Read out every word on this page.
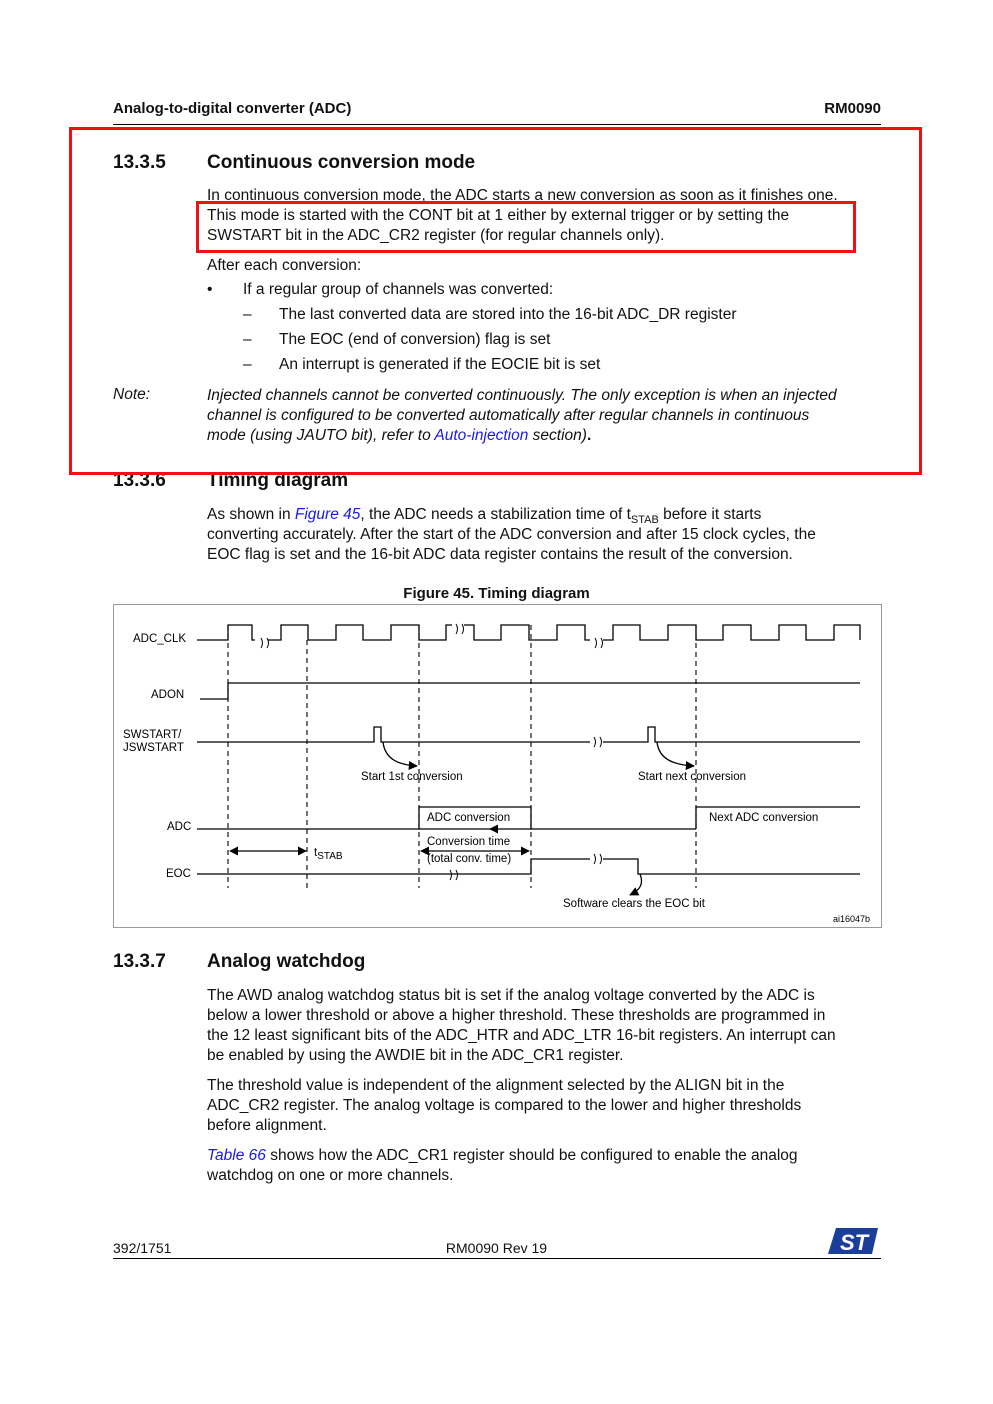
Analog-to-digital converter (ADC)	RM0090
13.3.5 Continuous conversion mode
In continuous conversion mode, the ADC starts a new conversion as soon as it finishes one.
This mode is started with the CONT bit at 1 either by external trigger or by setting the
SWSTART bit in the ADC_CR2 register (for regular channels only).
After each conversion:
• If a regular group of channels was converted:
– The last converted data are stored into the 16-bit ADC_DR register
– The EOC (end of conversion) flag is set
– An interrupt is generated if the EOCIE bit is set
Note:	Injected channels cannot be converted continuously. The only exception is when an injected
channel is configured to be converted automatically after regular channels in continuous
mode (using JAUTO bit), refer to Auto-injection section).
13.3.6 Timing diagram
As shown in Figure 45, the ADC needs a stabilization time of $t_{STAB}$ before it starts
converting accurately. After the start of the ADC conversion and after 15 clock cycles, the
EOC flag is set and the 16-bit ADC data register contains the result of the conversion.
Figure 45. Timing diagram
ADC_CLK
ADON
SWSTART/
JSWSTART
ADC
EOC
Start 1st conversion	Start next conversion
ADC conversion	Next ADC conversion
Conversion time
(total conv. time)
tSTAB
Software clears the EOC bit
ai16047b
13.3.7 Analog watchdog
The AWD analog watchdog status bit is set if the analog voltage converted by the ADC is
below a lower threshold or above a higher threshold. These thresholds are programmed in
the 12 least significant bits of the ADC_HTR and ADC_LTR 16-bit registers. An interrupt can
be enabled by using the AWDIE bit in the ADC_CR1 register.
The threshold value is independent of the alignment selected by the ALIGN bit in the
ADC_CR2 register. The analog voltage is compared to the lower and higher thresholds
before alignment.
Table 66 shows how the ADC_CR1 register should be configured to enable the analog
watchdog on one or more channels.
392/1751	RM0090 Rev 19	ST
